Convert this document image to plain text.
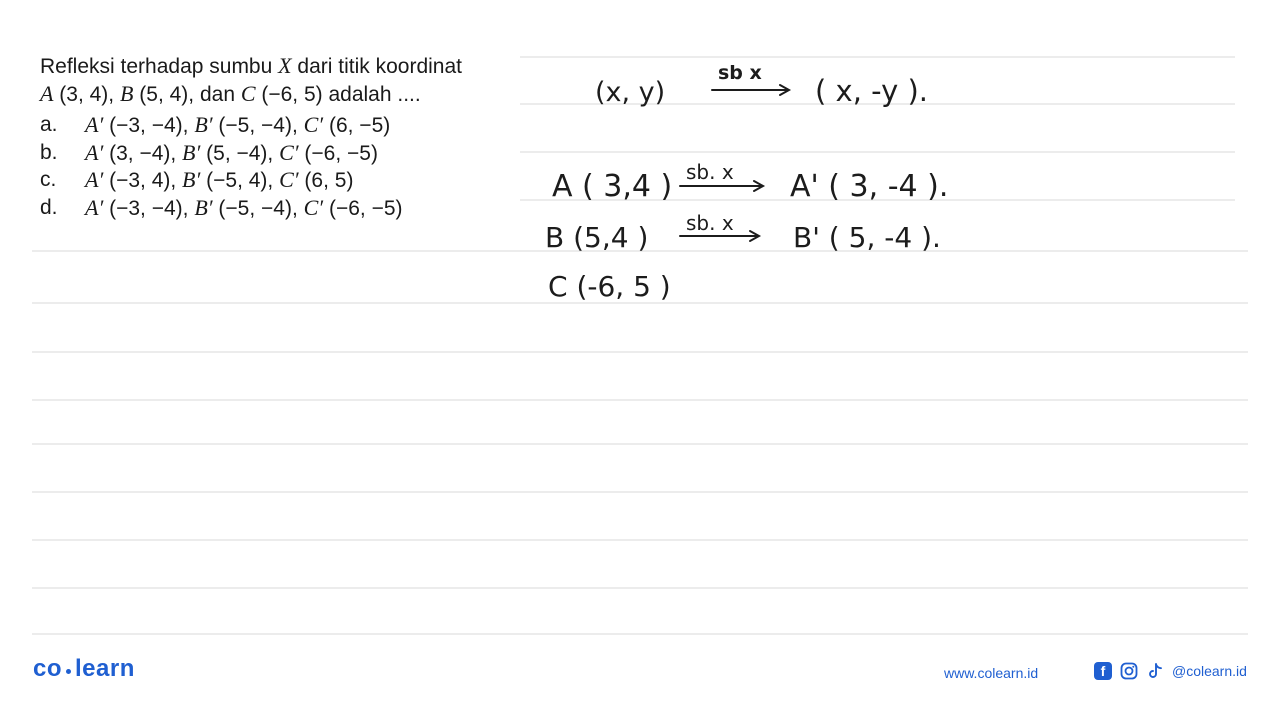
Refleksi terhadap sumbu X dari titik koordinat
A (3, 4), B (5, 4), dan C (−6, 5) adalah ....
a.	A′ (−3, −4), B′ (−5, −4), C′ (6, −5)
b.	A′ (3, −4), B′ (5, −4), C′ (−6, −5)
c.	A′ (−3, 4), B′ (−5, 4), C′ (6, 5)
d.	A′ (−3, −4), B′ (−5, −4), C′ (−6, −5)
(x, y)
sb x
( x, -y ).
A ( 3,4 ) sb. x A' ( 3, -4 ).
B (5,4 ) sb. x B' ( 5, -4 ).
C (-6, 5 )
co learn	www.colearn.id	f	@colearn.id
